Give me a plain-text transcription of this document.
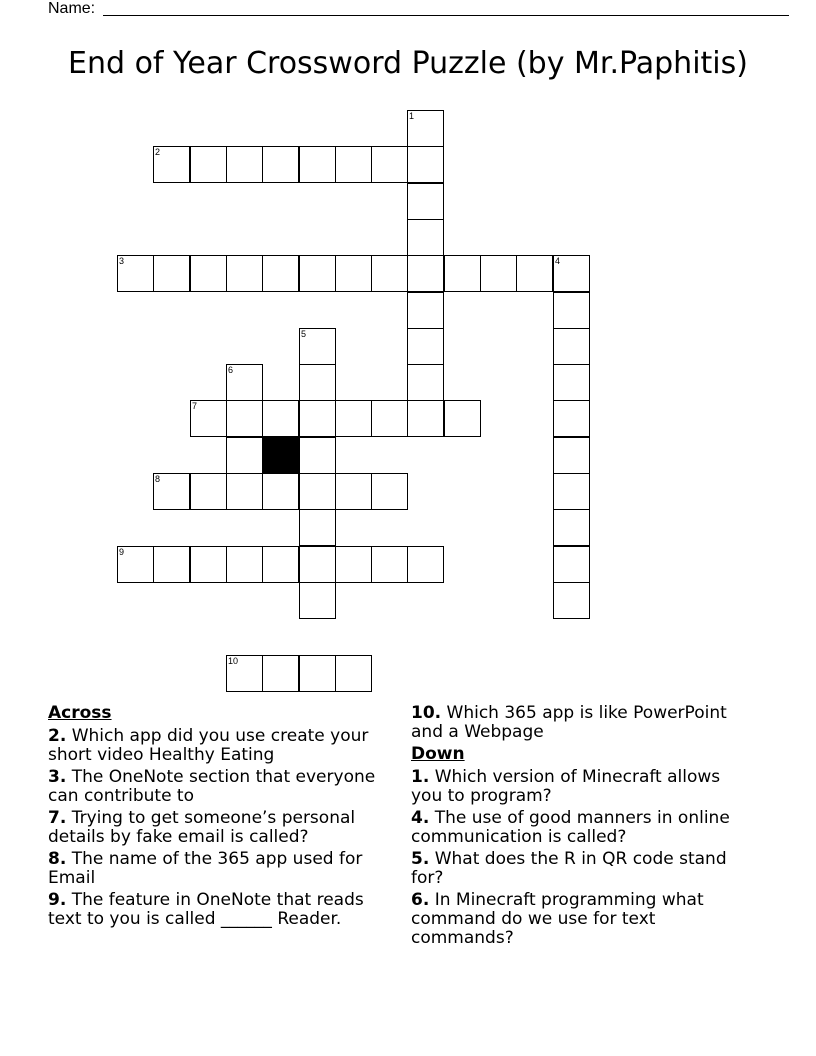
Name:
End of Year Crossword Puzzle (by Mr.Paphitis)
1
2
3	4
5
6
7
8
9
10
Across
2. Which app did you use create your short video Healthy Eating
3. The OneNote section that everyone can contribute to
7. Trying to get someone’s personal details by fake email is called?
8. The name of the 365 app used for Email
9. The feature in OneNote that reads text to you is called ______ Reader.
10. Which 365 app is like PowerPoint and a Webpage
Down
1. Which version of Minecraft allows you to program?
4. The use of good manners in online communication is called?
5. What does the R in QR code stand for?
6. In Minecraft programming what command do we use for text commands?
